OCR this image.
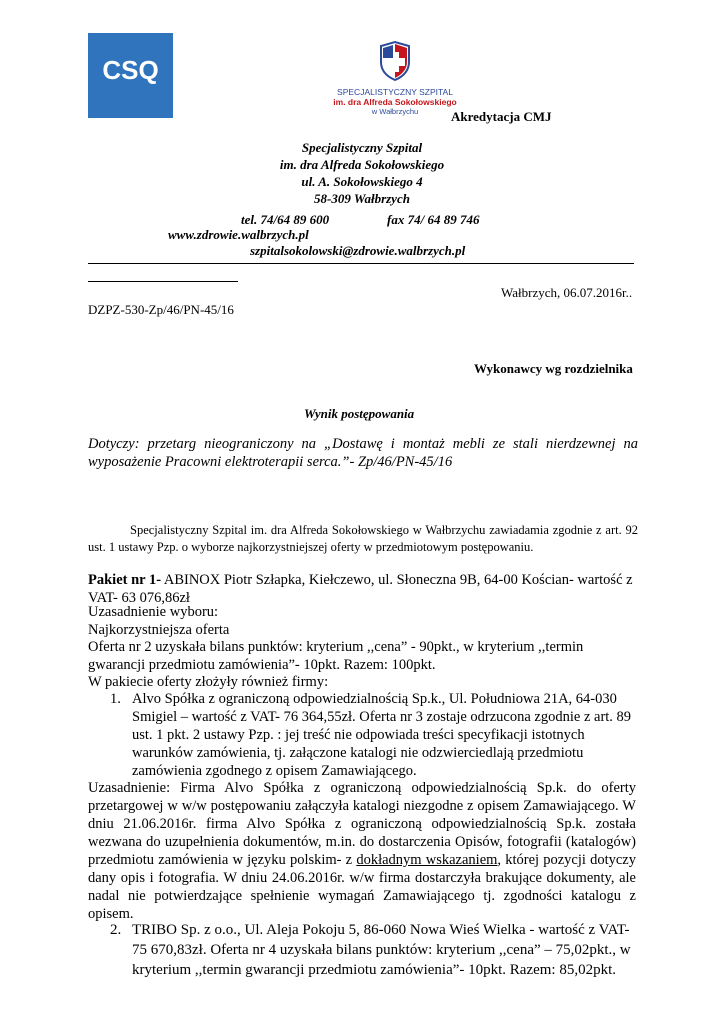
CSQ
SPECJALISTYCZNY SZPITAL
im. dra Alfreda Sokołowskiego
w Wałbrzychu	Akredytacja CMJ
Specjalistyczny Szpital
im. dra Alfreda Sokołowskiego
ul. A. Sokołowskiego 4
58-309 Wałbrzych
tel. 74/64 89 600	fax 74/ 64 89 746
www.zdrowie.walbrzych.pl
szpitalsokolowski@zdrowie.walbrzych.pl
Wałbrzych, 06.07.2016r..
DZPZ-530-Zp/46/PN-45/16
Wykonawcy wg rozdzielnika
Wynik postępowania
Dotyczy: przetarg nieograniczony na „Dostawę i montaż mebli ze stali nierdzewnej na wyposażenie Pracowni elektroterapii serca.”- Zp/46/PN-45/16
Specjalistyczny Szpital im. dra Alfreda Sokołowskiego w Wałbrzychu zawiadamia zgodnie z art. 92 ust. 1 ustawy Pzp. o wyborze najkorzystniejszej oferty w przedmiotowym postępowaniu.
Pakiet nr 1- ABINOX Piotr Szłapka, Kiełczewo, ul. Słoneczna 9B, 64-00 Kościan- wartość z VAT- 63 076,86zł
Uzasadnienie wyboru:
Najkorzystniejsza oferta
Oferta nr 2 uzyskała bilans punktów: kryterium ,,cena” - 90pkt., w kryterium ,,termin gwarancji przedmiotu zamówienia”- 10pkt. Razem: 100pkt.
W pakiecie oferty złożyły również firmy:
1. Alvo Spółka z ograniczoną odpowiedzialnością Sp.k., Ul. Południowa 21A, 64-030 Smigiel – wartość z VAT- 76 364,55zł. Oferta nr 3 zostaje odrzucona zgodnie z art. 89 ust. 1 pkt. 2 ustawy Pzp. : jej treść nie odpowiada treści specyfikacji istotnych warunków zamówienia, tj. załączone katalogi nie odzwierciedlają przedmiotu zamówienia zgodnego z opisem Zamawiającego.
Uzasadnienie: Firma Alvo Spółka z ograniczoną odpowiedzialnością Sp.k. do oferty przetargowej w w/w postępowaniu załączyła katalogi niezgodne z opisem Zamawiającego. W dniu 21.06.2016r. firma Alvo Spółka z ograniczoną odpowiedzialnością Sp.k. została wezwana do uzupełnienia dokumentów, m.in. do dostarczenia Opisów, fotografii (katalogów) przedmiotu zamówienia w języku polskim- z dokładnym wskazaniem, której pozycji dotyczy dany opis i fotografia. W dniu 24.06.2016r. w/w firma dostarczyła brakujące dokumenty, ale nadal nie potwierdzające spełnienie wymagań Zamawiającego tj. zgodności katalogu z opisem.
2. TRIBO Sp. z o.o., Ul. Aleja Pokoju 5, 86-060 Nowa Wieś Wielka - wartość z VAT- 75 670,83zł. Oferta nr 4 uzyskała bilans punktów: kryterium ,,cena” – 75,02pkt., w kryterium ,,termin gwarancji przedmiotu zamówienia”- 10pkt. Razem: 85,02pkt.
